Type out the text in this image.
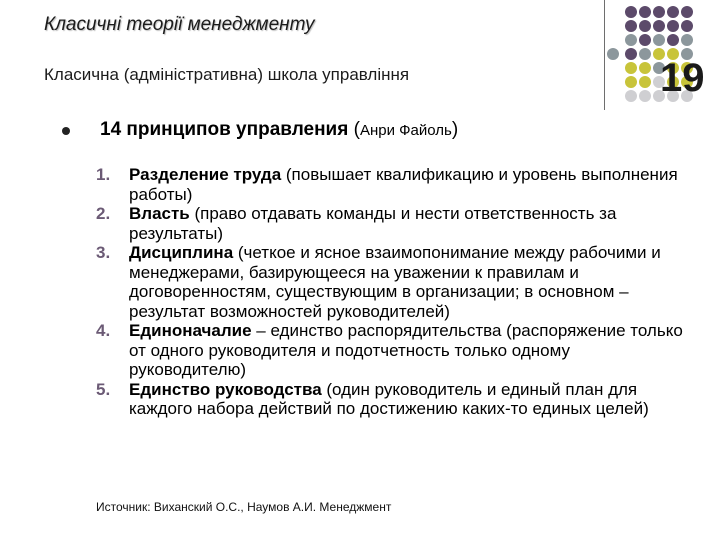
Класичні теорії менеджменту
Класична (адміністративна) школа управління	19
14 принципов управления (Анри Файоль)
1. Разделение труда (повышает квалификацию и уровень выполнения работы)
2. Власть (право отдавать команды и нести ответственность за результаты)
3. Дисциплина (четкое и ясное взаимопонимание между рабочими и менеджерами, базирующееся на уважении к правилам и договоренностям, существующим в организации; в основном – результат возможностей руководителей)
4. Единоначалие – единство распорядительства (распоряжение только от одного руководителя и подотчетность только одному руководителю)
5. Единство руководства (один руководитель и единый план для каждого набора действий по достижению каких-то единых целей)
Источник: Виханский О.С., Наумов А.И. Менеджмент
